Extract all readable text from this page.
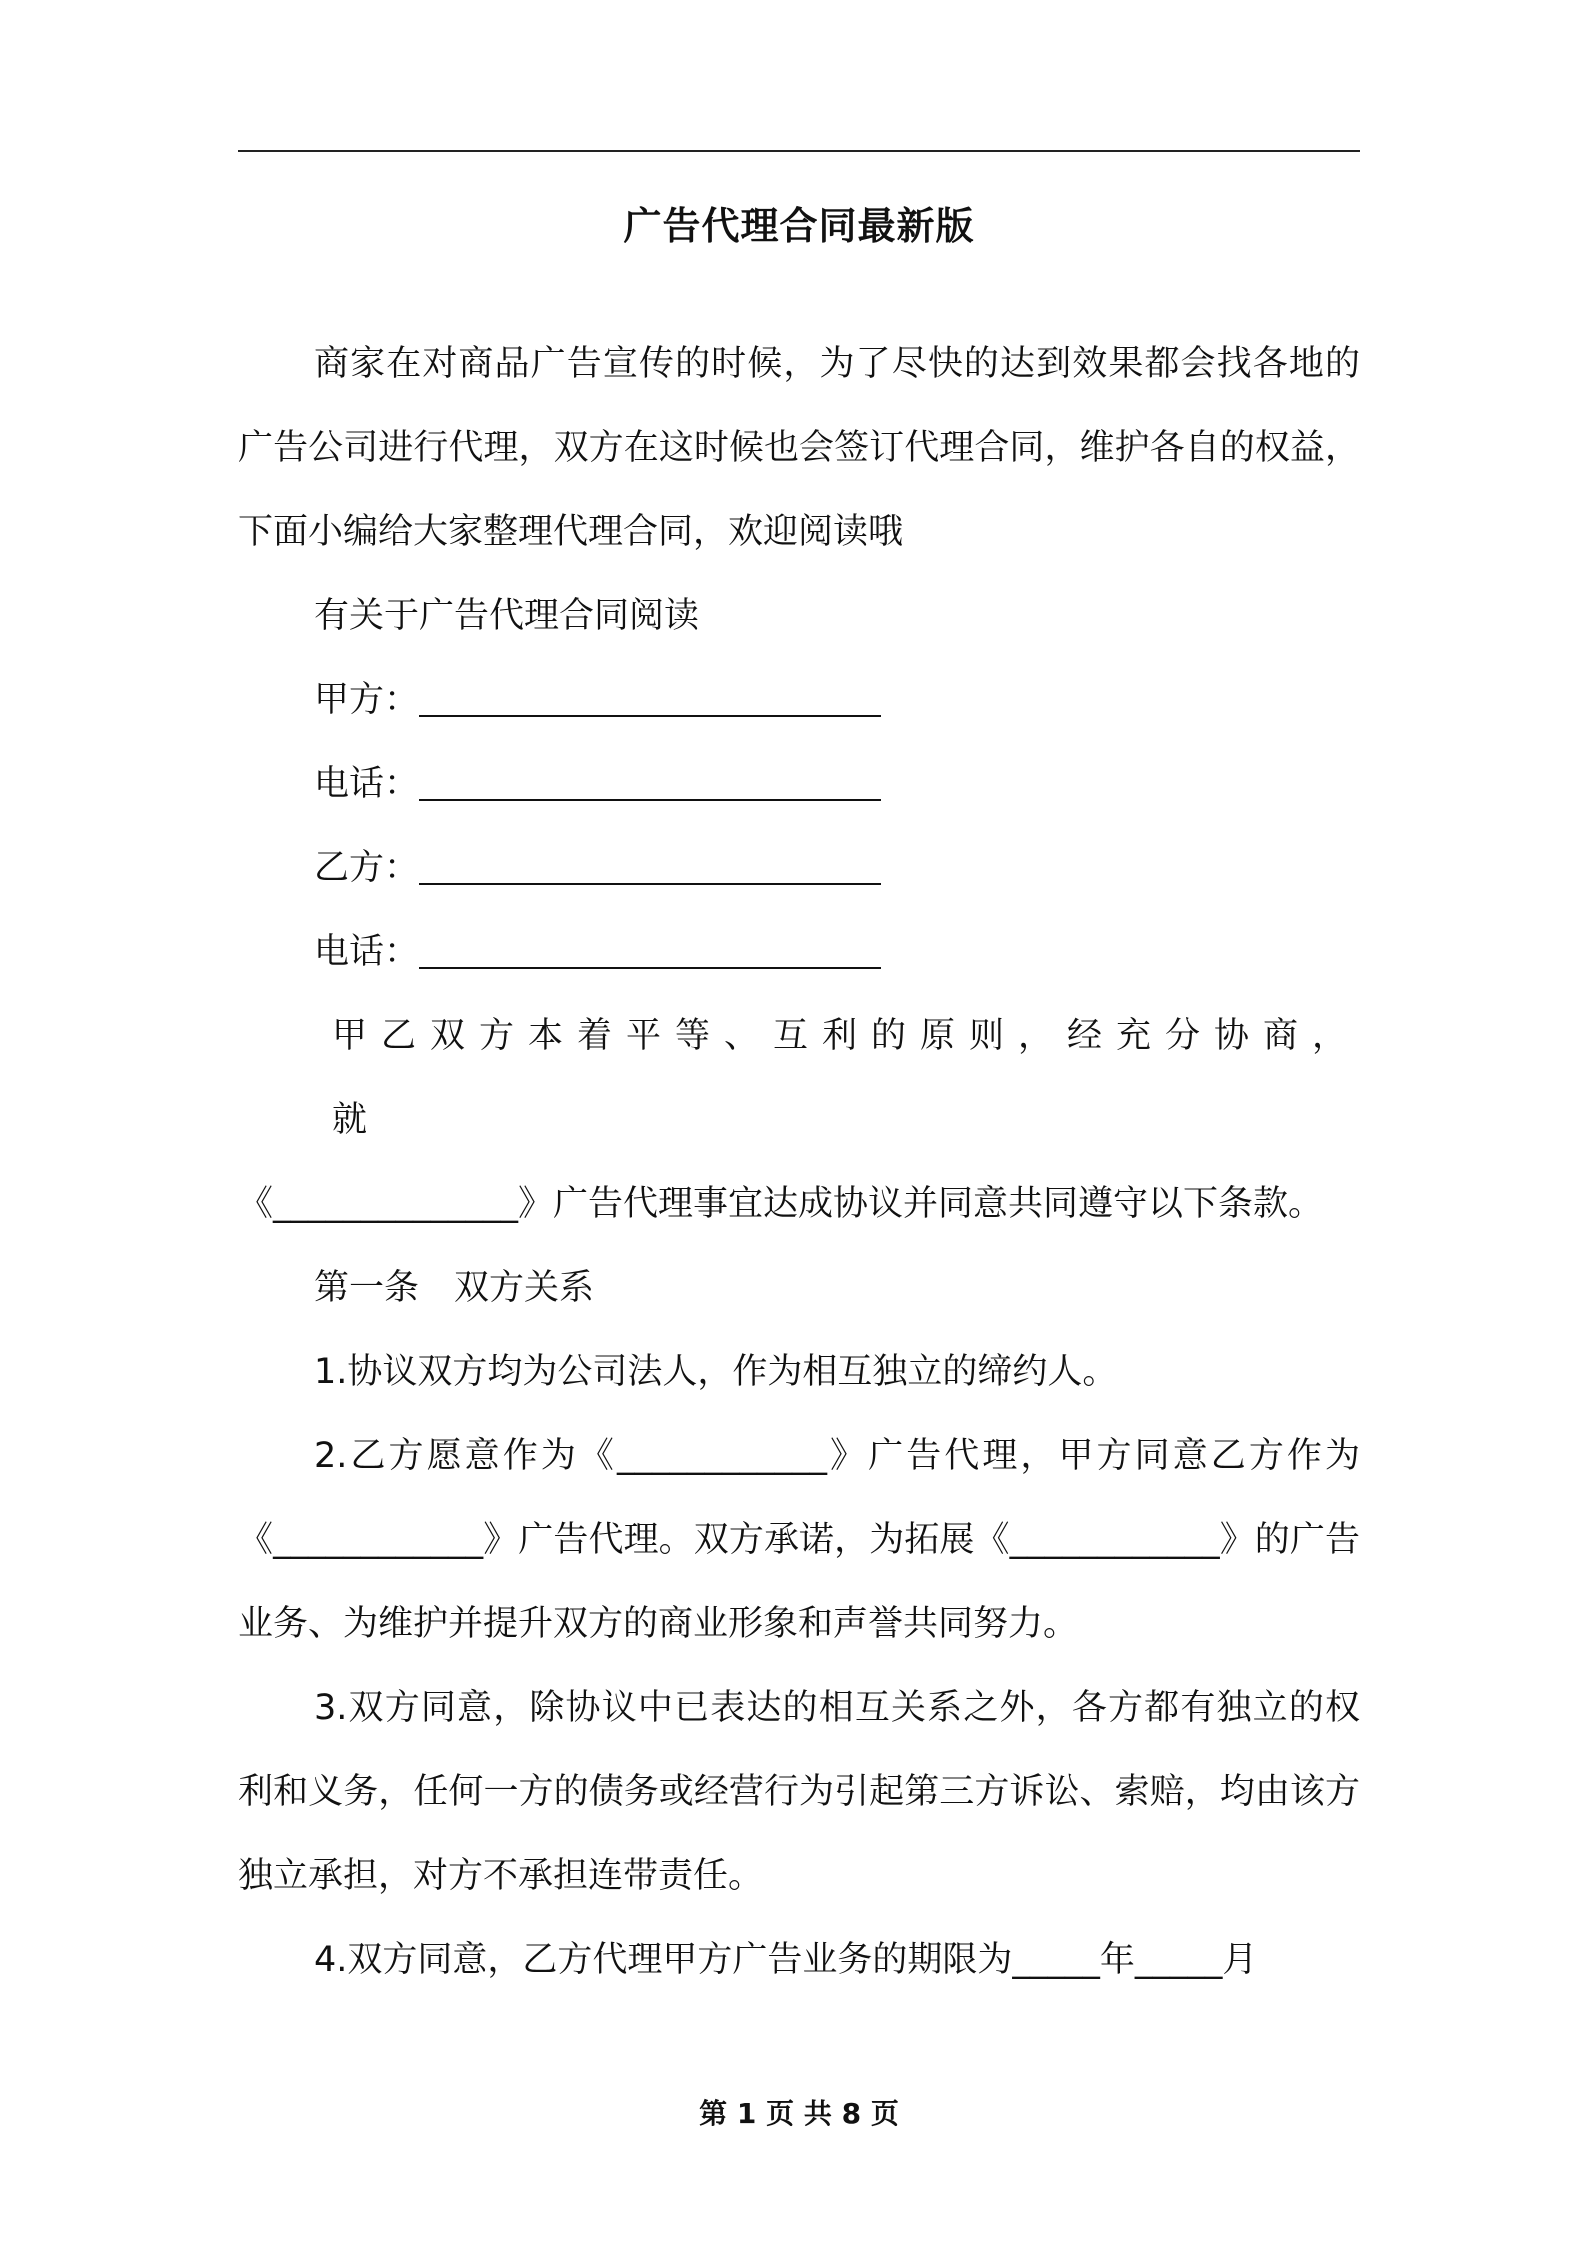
广告代理合同最新版

商家在对商品广告宣传的时候，为了尽快的达到效果都会找各地的广告公司进行代理，双方在这时候也会签订代理合同，维护各自的权益，下面小编给大家整理代理合同，欢迎阅读哦

有关于广告代理合同阅读
甲方：
电话：
乙方：
电话：

甲乙双方本着平等、互利的原则，经充分协商，就
《______________》广告代理事宜达成协议并同意共同遵守以下条款。

第一条　双方关系

1.协议双方均为公司法人，作为相互独立的缔约人。

2.乙方愿意作为《____________》广告代理，甲方同意乙方作为《____________》广告代理。双方承诺，为拓展《____________》的广告业务、为维护并提升双方的商业形象和声誉共同努力。

3.双方同意，除协议中已表达的相互关系之外，各方都有独立的权利和义务，任何一方的债务或经营行为引起第三方诉讼、索赔，均由该方独立承担，对方不承担连带责任。

4.双方同意，乙方代理甲方广告业务的期限为_____年_____月

第 1 页 共 8 页
